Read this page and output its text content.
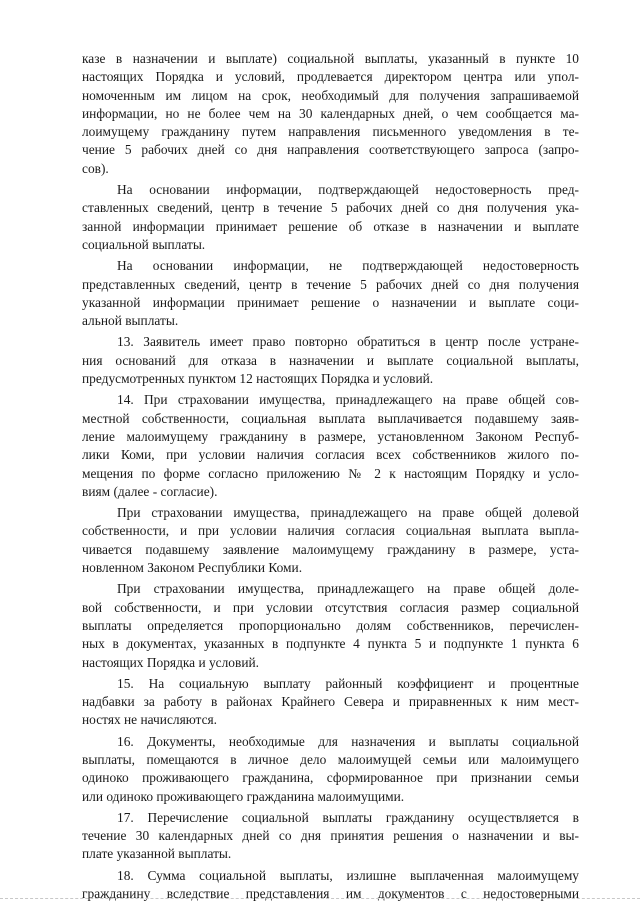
казе в назначении и выплате) социальной выплаты, указанный в пункте 10
настоящих Порядка и условий, продлевается директором центра или упол-
номоченным им лицом на срок, необходимый для получения запрашиваемой
информации, но не более чем на 30 календарных дней, о чем сообщается ма-
лоимущему гражданину путем направления письменного уведомления в те-
чение 5 рабочих дней со дня направления соответствующего запроса (запро-
сов).
На основании информации, подтверждающей недостоверность пред-
ставленных сведений, центр в течение 5 рабочих дней со дня получения ука-
занной информации принимает решение об отказе в назначении и выплате
социальной выплаты.
На основании информации, не подтверждающей недостоверность
представленных сведений, центр в течение 5 рабочих дней со дня получения
указанной информации принимает решение о назначении и выплате соци-
альной выплаты.
13. Заявитель имеет право повторно обратиться в центр после устране-
ния оснований для отказа в назначении и выплате социальной выплаты,
предусмотренных пунктом 12 настоящих Порядка и условий.
14. При страховании имущества, принадлежащего на праве общей сов-
местной собственности, социальная выплата выплачивается подавшему заяв-
ление малоимущему гражданину в размере, установленном Законом Респуб-
лики Коми, при условии наличия согласия всех собственников жилого по-
мещения по форме согласно приложению № 2 к настоящим Порядку и усло-
виям (далее - согласие).
При страховании имущества, принадлежащего на праве общей долевой
собственности, и при условии наличия согласия социальная выплата выпла-
чивается подавшему заявление малоимущему гражданину в размере, уста-
новленном Законом Республики Коми.
При страховании имущества, принадлежащего на праве общей доле-
вой собственности, и при условии отсутствия согласия размер социальной
выплаты определяется пропорционально долям собственников, перечислен-
ных в документах, указанных в подпункте 4 пункта 5 и подпункте 1 пункта 6
настоящих Порядка и условий.
15. На социальную выплату районный коэффициент и процентные
надбавки за работу в районах Крайнего Севера и приравненных к ним мест-
ностях не начисляются.
16. Документы, необходимые для назначения и выплаты социальной
выплаты, помещаются в личное дело малоимущей семьи или малоимущего
одиноко проживающего гражданина, сформированное при признании семьи
или одиноко проживающего гражданина малоимущими.
17. Перечисление социальной выплаты гражданину осуществляется в
течение 30 календарных дней со дня принятия решения о назначении и вы-
плате указанной выплаты.
18. Сумма социальной выплаты, излишне выплаченная малоимущему
гражданину вследствие представления им документов с недостоверными
